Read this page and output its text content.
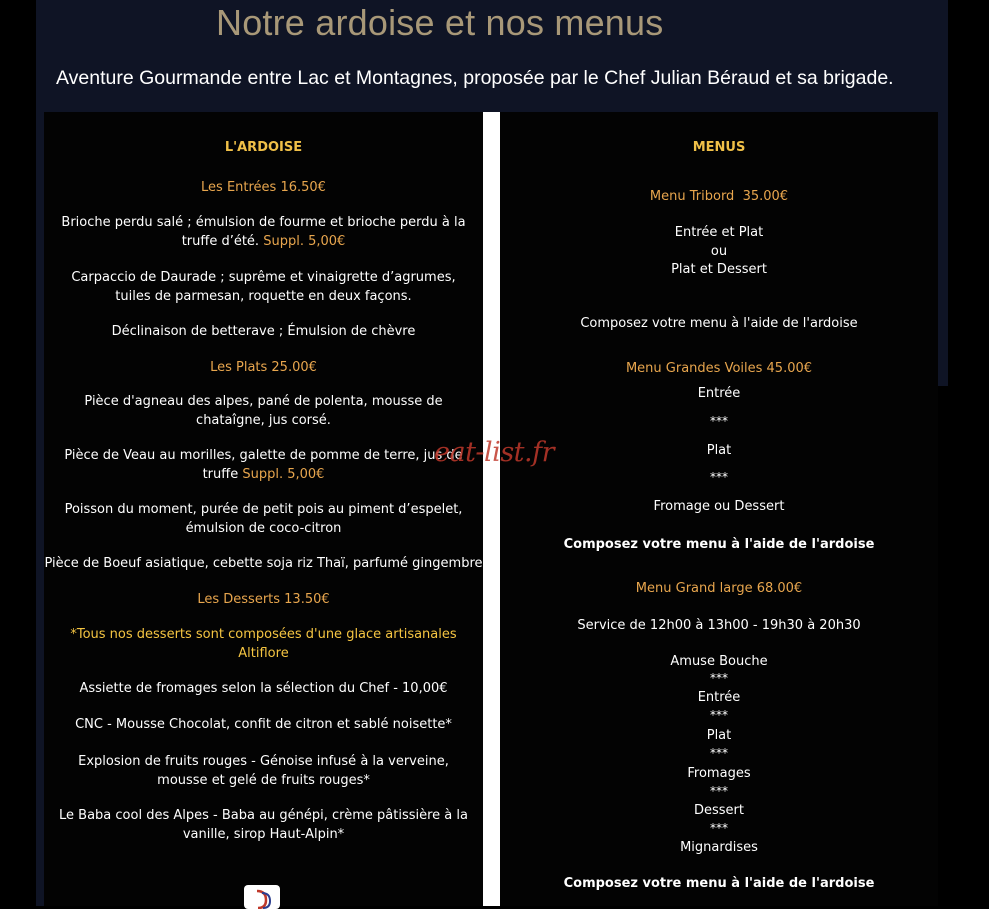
Notre ardoise et nos menus
Aventure Gourmande entre Lac et Montagnes, proposée par le Chef Julian Béraud et sa brigade.
L'ARDOISE
Les Entrées 16.50€
Brioche perdu salé ; émulsion de fourme et brioche perdu à la truffe d’été. Suppl. 5,00€
Carpaccio de Daurade ; suprême et vinaigrette d’agrumes, tuiles de parmesan, roquette en deux façons.
Déclinaison de betterave ; Émulsion de chèvre
Les Plats 25.00€
Pièce d'agneau des alpes, pané de polenta, mousse de chataîgne, jus corsé.
Pièce de Veau au morilles, galette de pomme de terre, jus de truffe Suppl. 5,00€
Poisson du moment, purée de petit pois au piment d’espelet, émulsion de coco-citron
Pièce de Boeuf asiatique, cebette soja riz Thaï, parfumé gingembre
Les Desserts 13.50€
*Tous nos desserts sont composées d'une glace artisanales Altiflore
Assiette de fromages selon la sélection du Chef - 10,00€
CNC - Mousse Chocolat, confit de citron et sablé noisette*
Explosion de fruits rouges - Génoise infusé à la verveine, mousse et gelé de fruits rouges*
Le Baba cool des Alpes - Baba au génépi, crème pâtissière à la vanille, sirop Haut-Alpin*
MENUS
Menu Tribord  35.00€
Entrée et Plat
ou
Plat et Dessert
Composez votre menu à l'aide de l'ardoise
Menu Grandes Voiles 45.00€
Entrée
***
Plat
***
Fromage ou Dessert
Composez votre menu à l'aide de l'ardoise
Menu Grand large 68.00€
Service de 12h00 à 13h00 - 19h30 à 20h30
Amuse Bouche
***
Entrée
***
Plat
***
Fromages
***
Dessert
***
Mignardises
Composez votre menu à l'aide de l'ardoise
eat-list.fr
